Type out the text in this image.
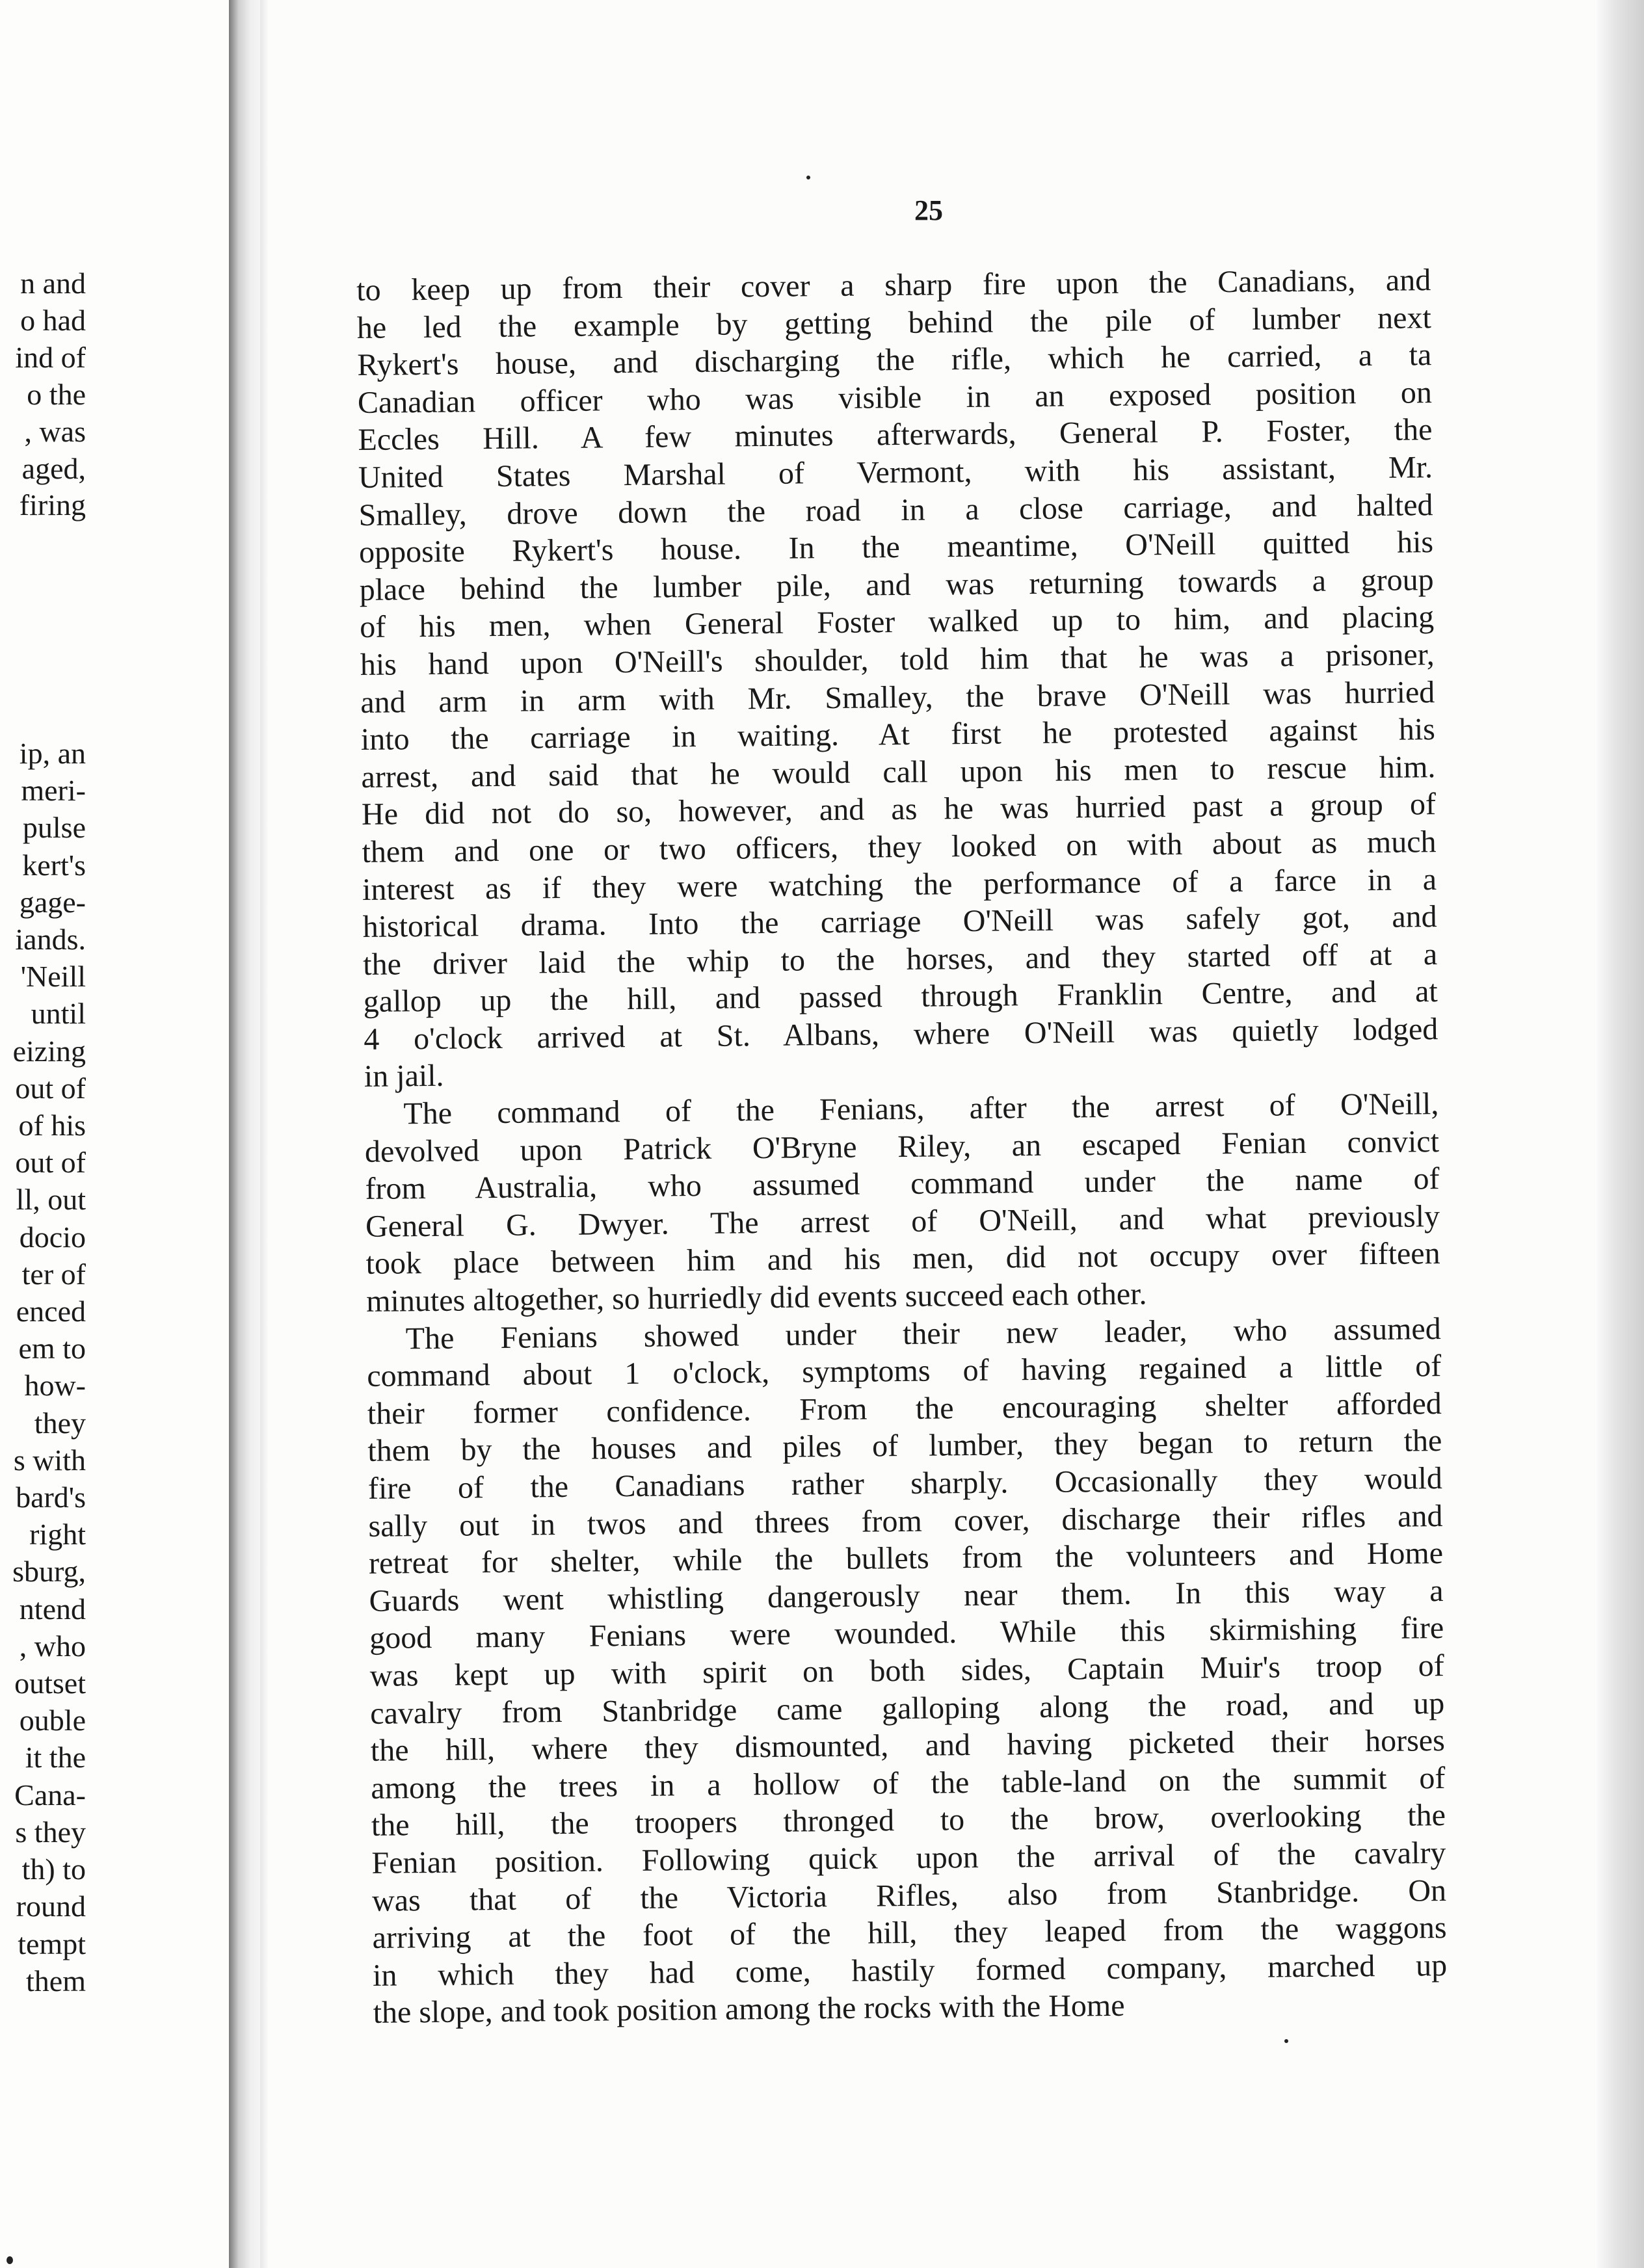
n and
o had
ind of
o the
, was
aged,
firing
ip, an
meri-
pulse
kert's
gage-
iands.
'Neill
until
eizing
out of
of his
out of
ll, out
docio
ter of
enced
em to
how-
they
s with
bard's
right
sburg,
ntend
, who
outset
ouble
it the
Cana-
s they
th) to
round
tempt
them
25

to keep up from their cover a sharp fire upon the Canadians, and
he led the example by getting behind the pile of lumber next
Rykert's house, and discharging the rifle, which he carried, a ta
Canadian officer who was visible in an exposed position on
Eccles Hill. A few minutes afterwards, General P. Foster, the
United States Marshal of Vermont, with his assistant, Mr.
Smalley, drove down the road in a close carriage, and halted
opposite Rykert's house. In the meantime, O'Neill quitted his
place behind the lumber pile, and was returning towards a group
of his men, when General Foster walked up to him, and placing
his hand upon O'Neill's shoulder, told him that he was a prisoner,
and arm in arm with Mr. Smalley, the brave O'Neill was hurried
into the carriage in waiting. At first he protested against his
arrest, and said that he would call upon his men to rescue him.
He did not do so, however, and as he was hurried past a group of
them and one or two officers, they looked on with about as much
interest as if they were watching the performance of a farce in a
historical drama. Into the carriage O'Neill was safely got, and
the driver laid the whip to the horses, and they started off at a
gallop up the hill, and passed through Franklin Centre, and at
4 o'clock arrived at St. Albans, where O'Neill was quietly lodged
in jail.

The command of the Fenians, after the arrest of O'Neill,
devolved upon Patrick O'Bryne Riley, an escaped Fenian convict
from Australia, who assumed command under the name of
General G. Dwyer. The arrest of O'Neill, and what previously
took place between him and his men, did not occupy over fifteen
minutes altogether, so hurriedly did events succeed each other.

The Fenians showed under their new leader, who assumed
command about 1 o'clock, symptoms of having regained a little of
their former confidence. From the encouraging shelter afforded
them by the houses and piles of lumber, they began to return the
fire of the Canadians rather sharply. Occasionally they would
sally out in twos and threes from cover, discharge their rifles and
retreat for shelter, while the bullets from the volunteers and Home
Guards went whistling dangerously near them. In this way a
good many Fenians were wounded. While this skirmishing fire
was kept up with spirit on both sides, Captain Muir's troop of
cavalry from Stanbridge came galloping along the road, and up
the hill, where they dismounted, and having picketed their horses
among the trees in a hollow of the table-land on the summit of
the hill, the troopers thronged to the brow, overlooking the
Fenian position. Following quick upon the arrival of the cavalry
was that of the Victoria Rifles, also from Stanbridge. On
arriving at the foot of the hill, they leaped from the waggons
in which they had come, hastily formed company, marched up
the slope, and took position among the rocks with the Home
